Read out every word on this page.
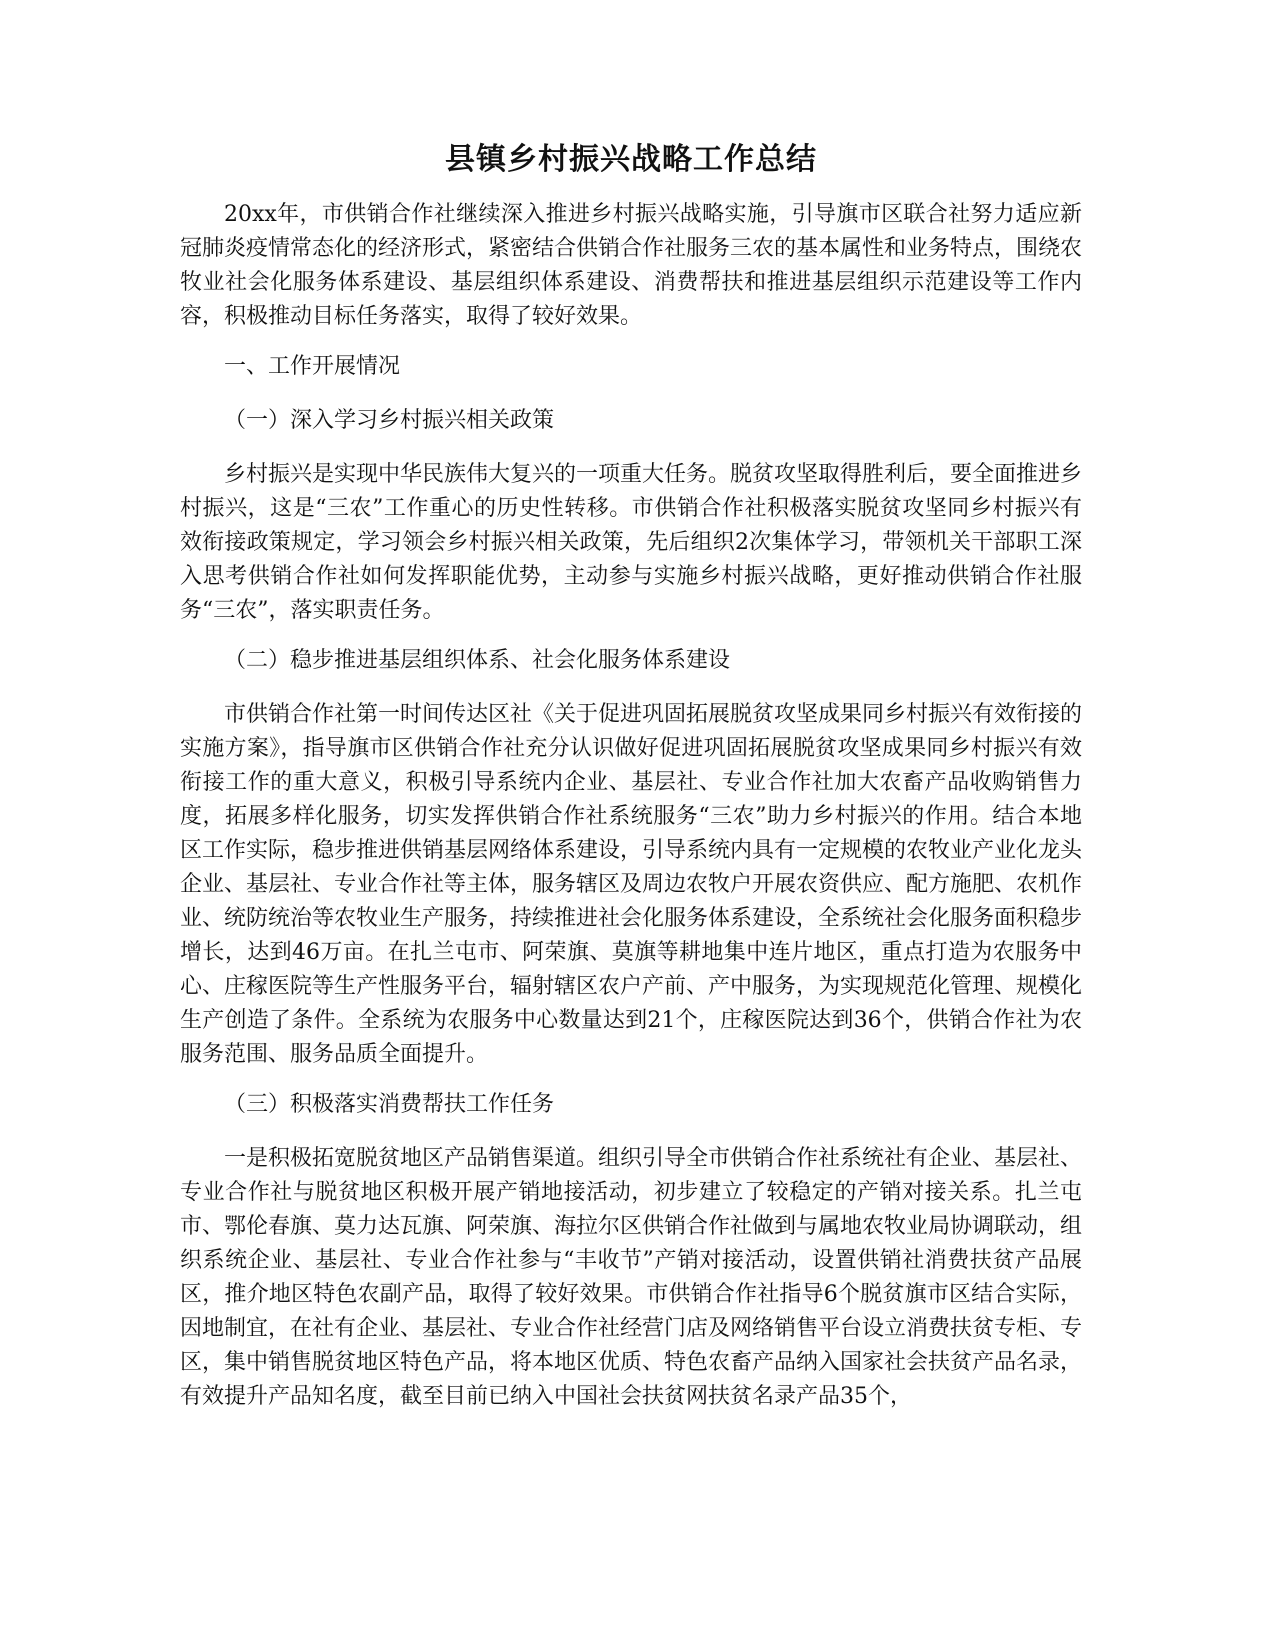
县镇乡村振兴战略工作总结

20xx年，市供销合作社继续深入推进乡村振兴战略实施，引导旗市区联合社努力适应新冠肺炎疫情常态化的经济形式，紧密结合供销合作社服务三农的基本属性和业务特点，围绕农牧业社会化服务体系建设、基层组织体系建设、消费帮扶和推进基层组织示范建设等工作内容，积极推动目标任务落实，取得了较好效果。

一、工作开展情况

（一）深入学习乡村振兴相关政策

乡村振兴是实现中华民族伟大复兴的一项重大任务。脱贫攻坚取得胜利后，要全面推进乡村振兴，这是“三农”工作重心的历史性转移。市供销合作社积极落实脱贫攻坚同乡村振兴有效衔接政策规定，学习领会乡村振兴相关政策，先后组织2次集体学习，带领机关干部职工深入思考供销合作社如何发挥职能优势，主动参与实施乡村振兴战略，更好推动供销合作社服务“三农”，落实职责任务。

（二）稳步推进基层组织体系、社会化服务体系建设

市供销合作社第一时间传达区社《关于促进巩固拓展脱贫攻坚成果同乡村振兴有效衔接的实施方案》，指导旗市区供销合作社充分认识做好促进巩固拓展脱贫攻坚成果同乡村振兴有效衔接工作的重大意义，积极引导系统内企业、基层社、专业合作社加大农畜产品收购销售力度，拓展多样化服务，切实发挥供销合作社系统服务“三农”助力乡村振兴的作用。结合本地区工作实际，稳步推进供销基层网络体系建设，引导系统内具有一定规模的农牧业产业化龙头企业、基层社、专业合作社等主体，服务辖区及周边农牧户开展农资供应、配方施肥、农机作业、统防统治等农牧业生产服务，持续推进社会化服务体系建设，全系统社会化服务面积稳步增长，达到46万亩。在扎兰屯市、阿荣旗、莫旗等耕地集中连片地区，重点打造为农服务中心、庄稼医院等生产性服务平台，辐射辖区农户产前、产中服务，为实现规范化管理、规模化生产创造了条件。全系统为农服务中心数量达到21个，庄稼医院达到36个，供销合作社为农服务范围、服务品质全面提升。

（三）积极落实消费帮扶工作任务

一是积极拓宽脱贫地区产品销售渠道。组织引导全市供销合作社系统社有企业、基层社、专业合作社与脱贫地区积极开展产销地接活动，初步建立了较稳定的产销对接关系。扎兰屯市、鄂伦春旗、莫力达瓦旗、阿荣旗、海拉尔区供销合作社做到与属地农牧业局协调联动，组织系统企业、基层社、专业合作社参与“丰收节”产销对接活动，设置供销社消费扶贫产品展区，推介地区特色农副产品，取得了较好效果。市供销合作社指导6个脱贫旗市区结合实际，因地制宜，在社有企业、基层社、专业合作社经营门店及网络销售平台设立消费扶贫专柜、专区，集中销售脱贫地区特色产品，将本地区优质、特色农畜产品纳入国家社会扶贫产品名录，有效提升产品知名度，截至目前已纳入中国社会扶贫网扶贫名录产品35个，
